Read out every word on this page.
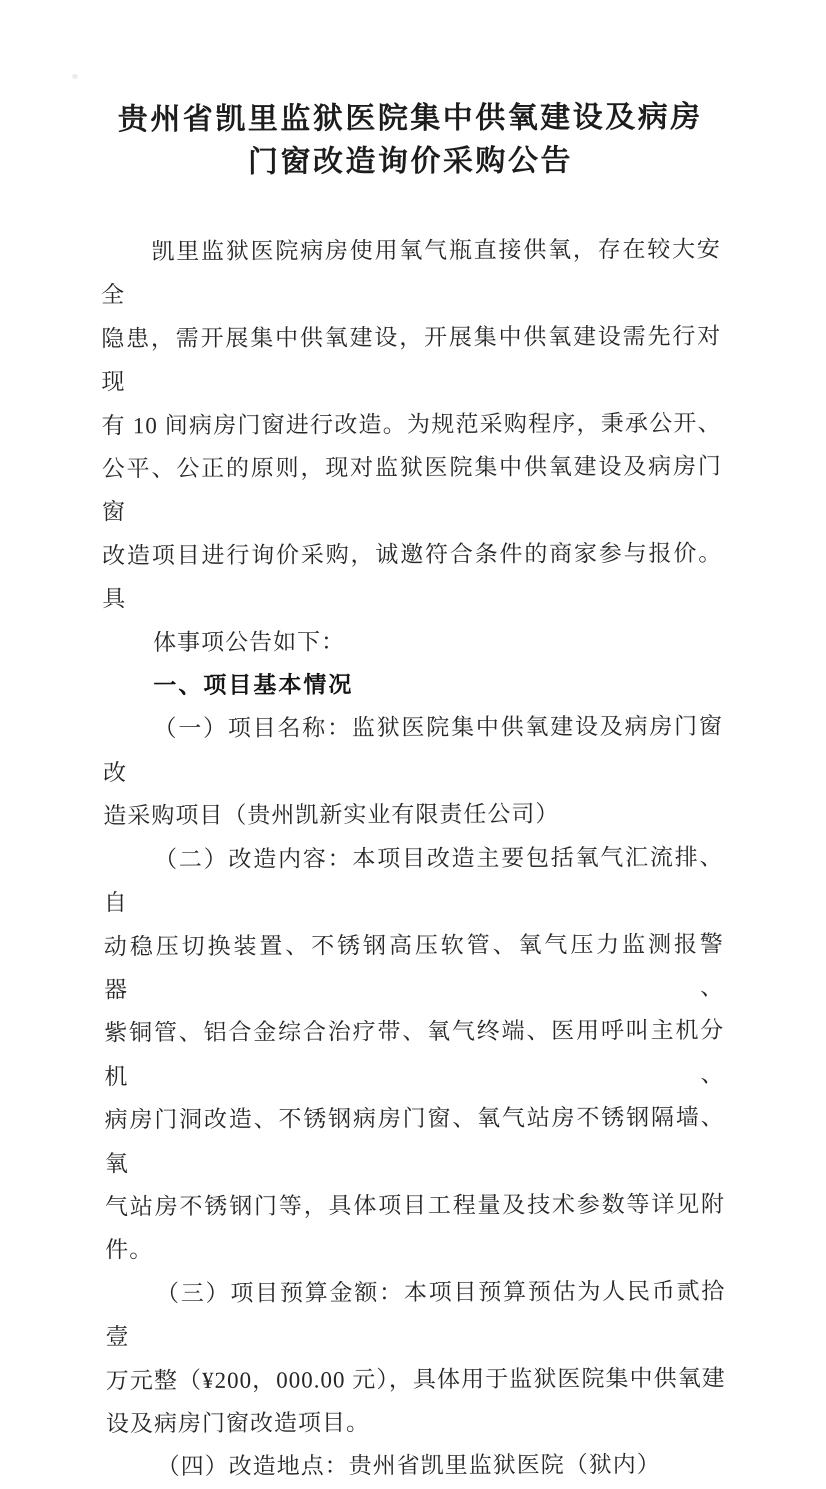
贵州省凯里监狱医院集中供氧建设及病房
门窗改造询价采购公告
凯里监狱医院病房使用氧气瓶直接供氧，存在较大安全
隐患，需开展集中供氧建设，开展集中供氧建设需先行对现
有 10 间病房门窗进行改造。为规范采购程序，秉承公开、
公平、公正的原则，现对监狱医院集中供氧建设及病房门窗
改造项目进行询价采购，诚邀符合条件的商家参与报价。具
体事项公告如下：
一、项目基本情况
（一）项目名称：监狱医院集中供氧建设及病房门窗改
造采购项目（贵州凯新实业有限责任公司）
（二）改造内容：本项目改造主要包括氧气汇流排、自
动稳压切换装置、不锈钢高压软管、氧气压力监测报警器、
紫铜管、铝合金综合治疗带、氧气终端、医用呼叫主机分机、
病房门洞改造、不锈钢病房门窗、氧气站房不锈钢隔墙、氧
气站房不锈钢门等，具体项目工程量及技术参数等详见附
件。
（三）项目预算金额：本项目预算预估为人民币贰拾壹
万元整（¥200，000.00 元），具体用于监狱医院集中供氧建
设及病房门窗改造项目。
（四）改造地点：贵州省凯里监狱医院（狱内）
